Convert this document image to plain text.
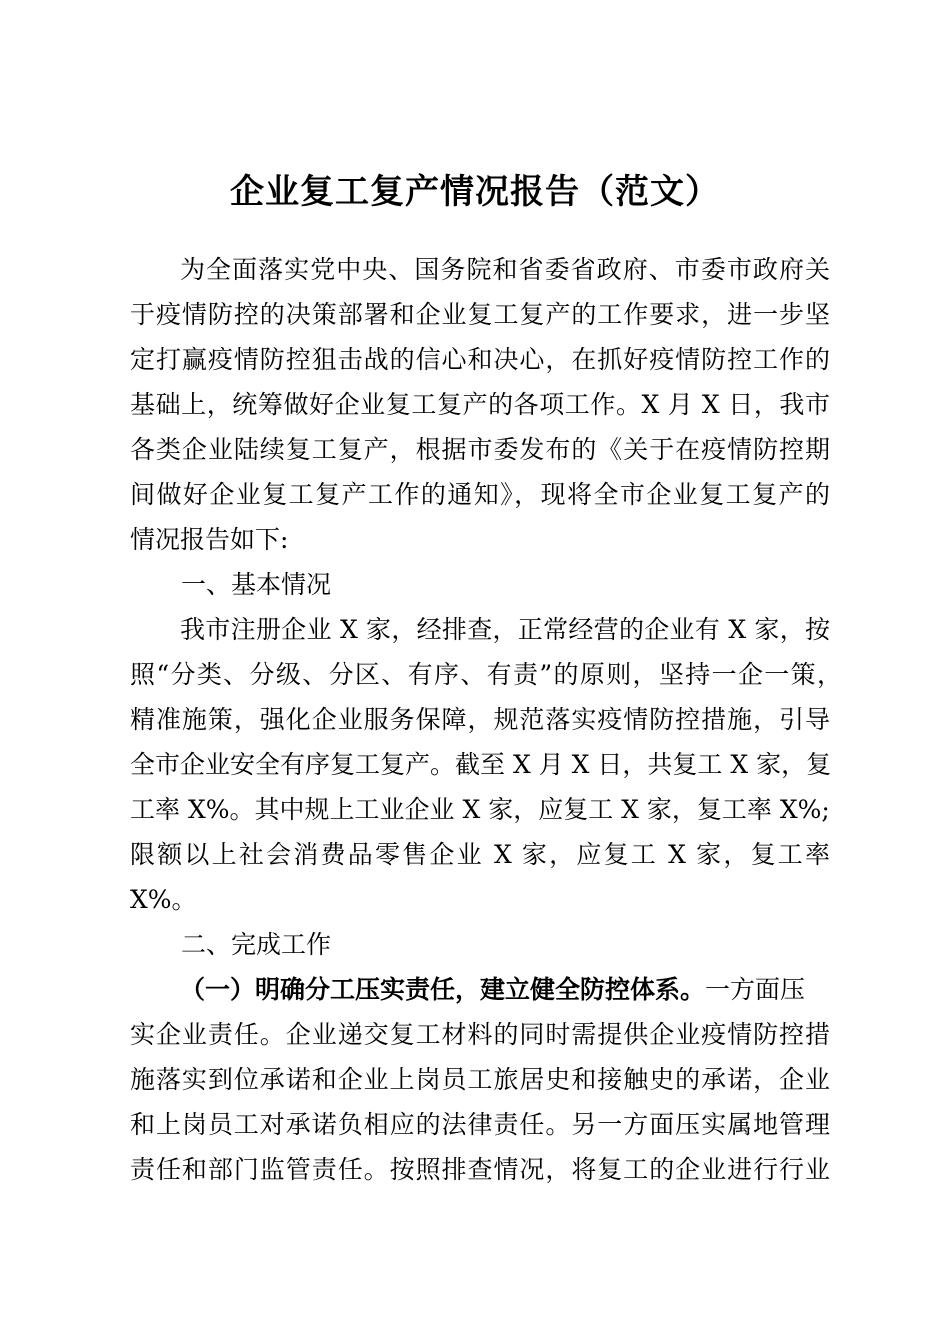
企业复工复产情况报告（范文）
为全面落实党中央、国务院和省委省政府、市委市政府关
于疫情防控的决策部署和企业复工复产的工作要求，进一步坚
定打赢疫情防控狙击战的信心和决心，在抓好疫情防控工作的
基础上，统筹做好企业复工复产的各项工作。X 月 X 日，我市
各类企业陆续复工复产，根据市委发布的《关于在疫情防控期
间做好企业复工复产工作的通知》，现将全市企业复工复产的
情况报告如下:
一、基本情况
我市注册企业 X 家，经排查，正常经营的企业有 X 家，按
照“分类、分级、分区、有序、有责”的原则，坚持一企一策，
精准施策，强化企业服务保障，规范落实疫情防控措施，引导
全市企业安全有序复工复产。截至 X 月 X 日，共复工 X 家，复
工率 X%。其中规上工业企业 X 家，应复工 X 家，复工率 X%;
限额以上社会消费品零售企业 X 家，应复工 X 家，复工率
X%。
二、完成工作
（一）明确分工压实责任，建立健全防控体系。一方面压
实企业责任。企业递交复工材料的同时需提供企业疫情防控措
施落实到位承诺和企业上岗员工旅居史和接触史的承诺，企业
和上岗员工对承诺负相应的法律责任。另一方面压实属地管理
责任和部门监管责任。按照排查情况，将复工的企业进行行业
